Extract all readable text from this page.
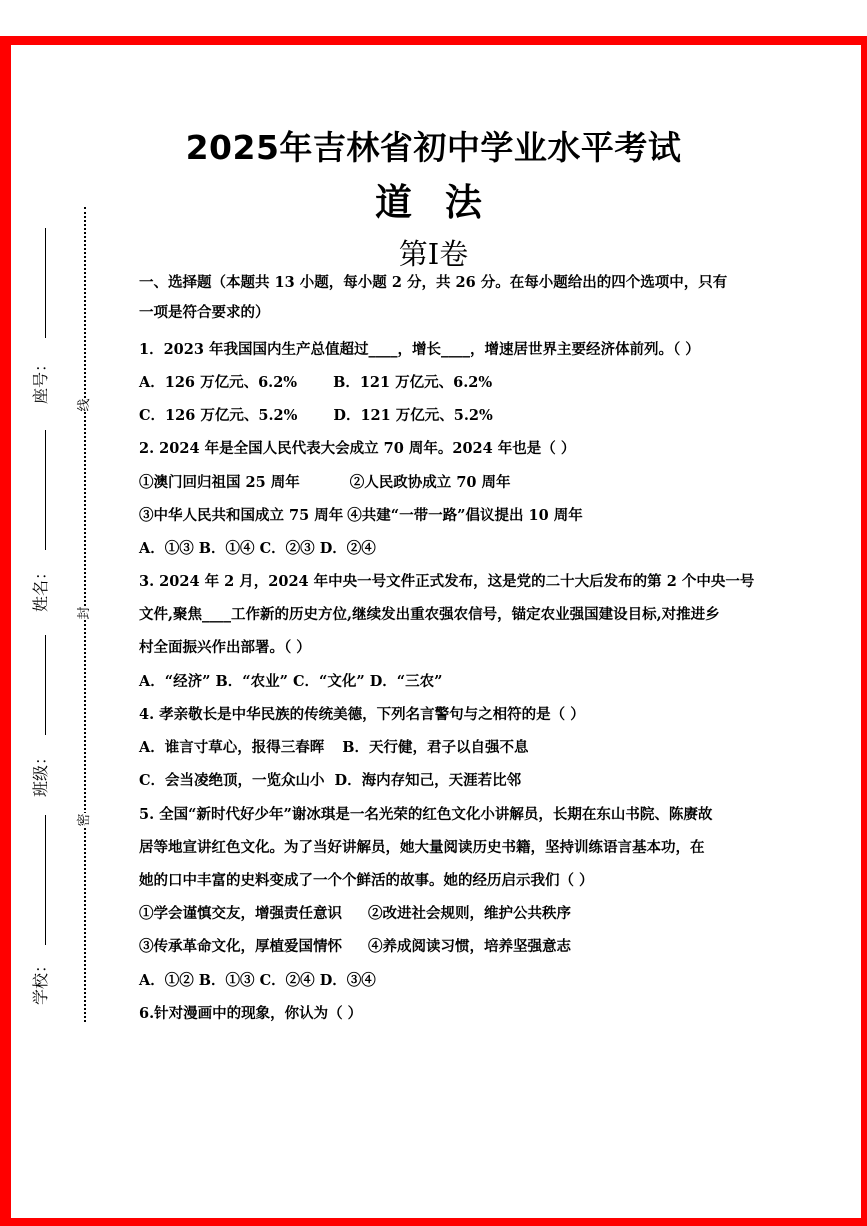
2025年吉林省初中学业水平考试
道 法
第Ⅰ卷
线
封
密
座号：
姓名：
班级：
学校：
一、选择题（本题共 13 小题，每小题 2 分，共 26 分。在每小题给出的四个选项中，只有
一项是符合要求的）
1．2023 年我国国内生产总值超过____，增长____，增速居世界主要经济体前列。（ ）
A．126 万亿元、6.2% B．121 万亿元、6.2%
C．126 万亿元、5.2% D．121 万亿元、5.2%
2. 2024 年是全国人民代表大会成立 70 周年。2024 年也是（ ）
①澳门回归祖国 25 周年	②人民政协成立 70 周年
③中华人民共和国成立 75 周年 ④共建“一带一路”倡议提出 10 周年
A．①③ B．①④ C．②③ D．②④
3. 2024 年 2 月，2024 年中央一号文件正式发布，这是党的二十大后发布的第 2 个中央一号
文件,聚焦____工作新的历史方位,继续发出重农强农信号，锚定农业强国建设目标,对推进乡
村全面振兴作出部署。（ ）
A．“经济” B．“农业” C．“文化” D．“三农”
4. 孝亲敬长是中华民族的传统美德，下列名言警句与之相符的是（ ）
A．谁言寸草心，报得三春晖 B．天行健，君子以自强不息
C．会当凌绝顶，一览众山小 D．海内存知己，天涯若比邻
5. 全国“新时代好少年”谢冰琪是一名光荣的红色文化小讲解员，长期在东山书院、陈赓故
居等地宣讲红色文化。为了当好讲解员，她大量阅读历史书籍，坚持训练语言基本功，在
她的口中丰富的史料变成了一个个鲜活的故事。她的经历启示我们（ ）
①学会谨慎交友，增强责任意识 ②改进社会规则，维护公共秩序
③传承革命文化，厚植爱国情怀 ④养成阅读习惯，培养坚强意志
A．①② B．①③ C．②④ D．③④
6.针对漫画中的现象，你认为（ ）
